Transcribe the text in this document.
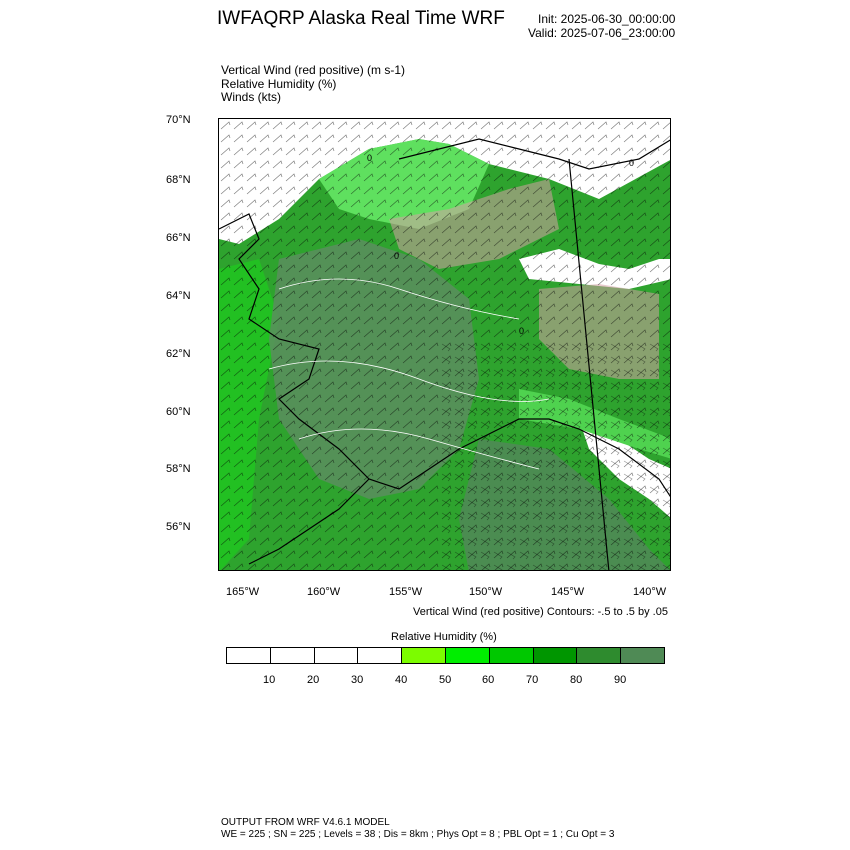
IWFAQRP Alaska Real Time WRF	Init: 2025-06-30_00:00:00
Valid: 2025-07-06_23:00:00
Vertical Wind (red positive) (m s-1)
Relative Humidity (%)
Winds (kts)
70°N
68°N
66°N
64°N
62°N
60°N
58°N
56°N
0
0
0
0
165°W	160°W	155°W	150°W	145°W	140°W
Vertical Wind (red positive) Contours: -.5 to .5 by .05
Relative Humidity (%)
10	20	30	40	50	60	70	80	90
OUTPUT FROM WRF V4.6.1 MODEL
WE = 225 ; SN = 225 ; Levels = 38 ; Dis = 8km ; Phys Opt = 8 ; PBL Opt = 1 ; Cu Opt = 3
